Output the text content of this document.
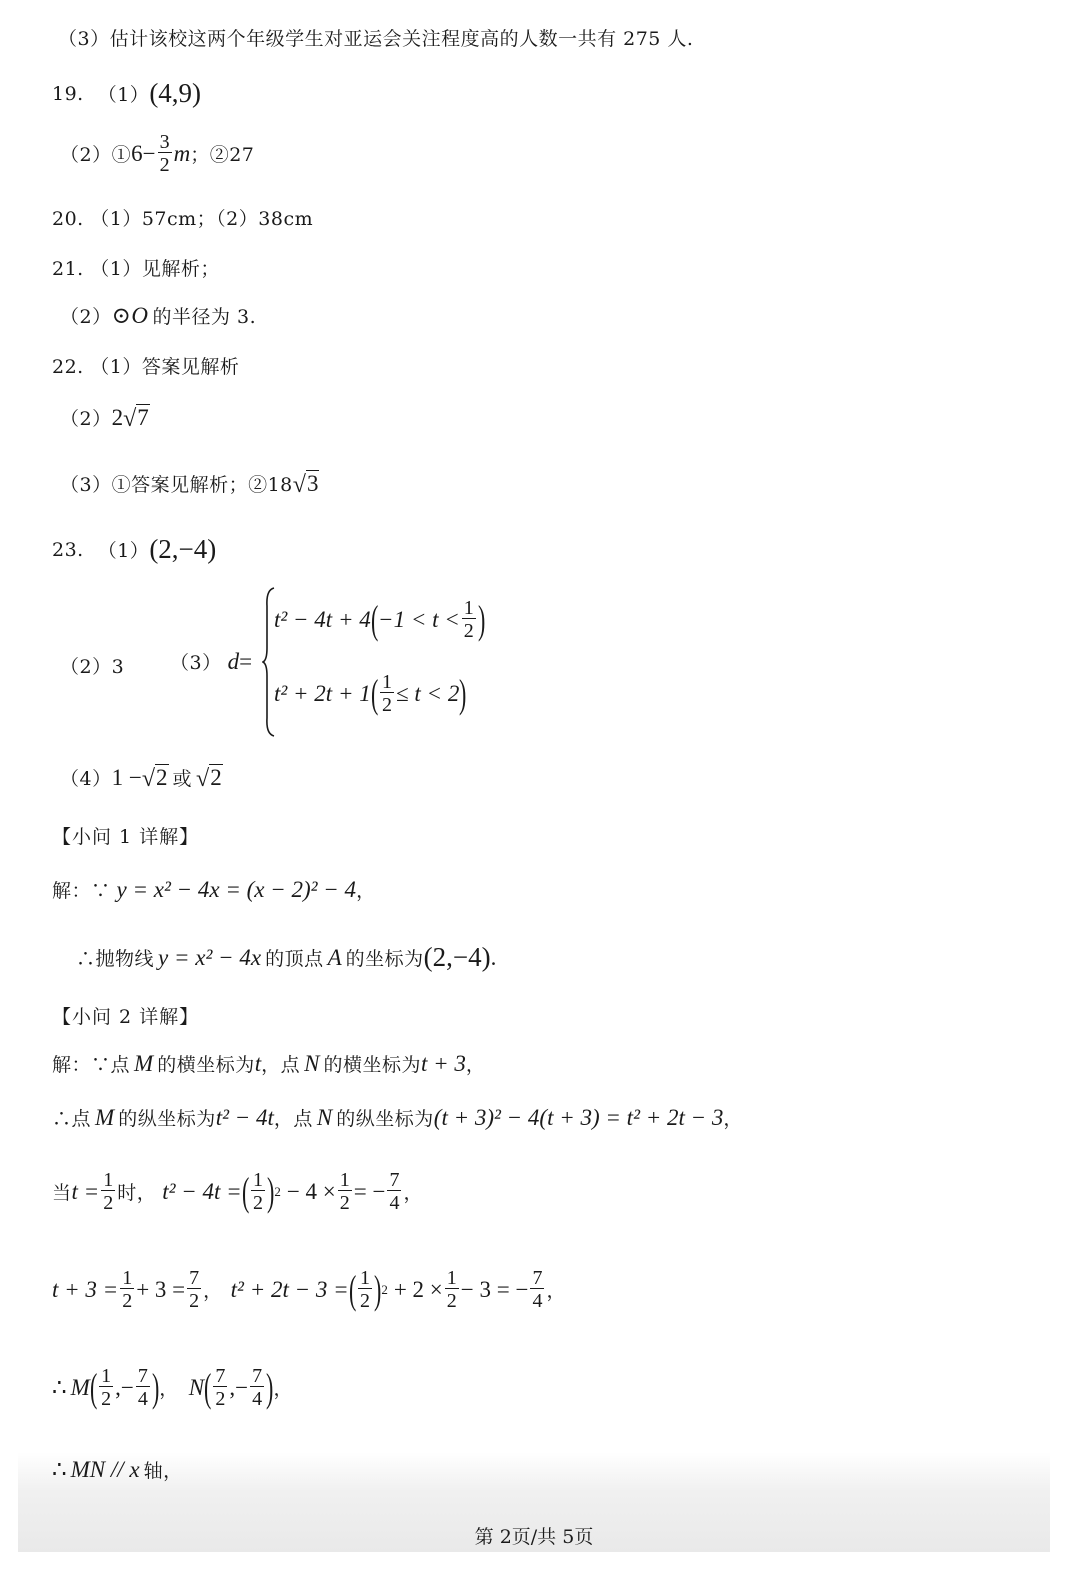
（3）估计该校这两个年级学生对亚运会关注程度高的人数一共有 275 人.
19. （1） (4,9)
（2）① $6 - \frac{3}{2}$ m ；②27
20. （1）57cm；（2）38cm
21. （1）见解析；
（2） ⊙ O 的半径为 3.
22. （1）答案见解析
（2） 2 √ 7
（3）①答案见解析；②18 √ 3
23. （1） (2,−4)
（2）3 （3） d =
t² − 4t + 4 ( $-1 < t < \frac{1}{2}$ )
t² + 2t + 1 ( $\frac{1}{2} \le t < 2$ )
（4） 1 − √ 2 或 √ 2
【小问 1 详解】
解：∵ y = x² − 4x = (x − 2)² − 4 ，
∴抛物线 y = x² − 4x 的顶点 A 的坐标为 (2,−4) .
【小问 2 详解】
解：∵点 M 的横坐标为 t ，点 N 的横坐标为 t + 3 ，
∴点 M 的纵坐标为 t² − 4t ，点 N 的纵坐标为 (t + 3)² − 4(t + 3) = t² + 2t − 3 ，
当 $t = \frac{1}{2}$ 时， t² − 4t = ( $\frac{1}{2}$ ) $2 - 4 \times \frac{1}{2}$ = − $\frac{7}{4}$ ，
$t + 3 = \frac{1}{2} + 3 = \frac{7}{2}$ ， t² + 2t − 3 = ( $\frac{1}{2}$ ) $2 + 2 \times \frac{1}{2} - 3$ = − $\frac{7}{4}$ ，
∴ M ( $\frac{1}{2}$ ,− $\frac{7}{4}$ ) ， N ( $\frac{7}{2}$ ,− $\frac{7}{4}$ ) ，
第 2页/共 5页
∴ MN // x 轴，
